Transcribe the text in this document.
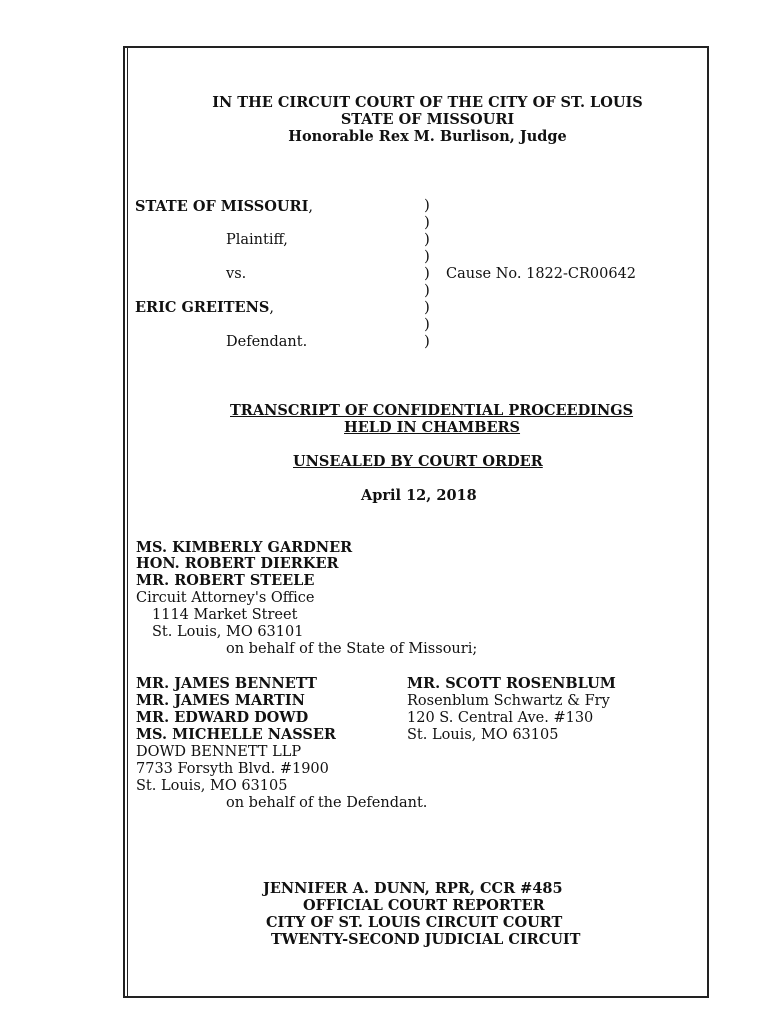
IN THE CIRCUIT COURT OF THE CITY OF ST. LOUIS
STATE OF MISSOURI
Honorable Rex M. Burlison, Judge
STATE OF MISSOURI,
Plaintiff,
vs.	Cause No. 1822-CR00642
ERIC GREITENS,
Defendant.
)
)
)
)
)
)
)
)
)
TRANSCRIPT OF CONFIDENTIAL PROCEEDINGS
HELD IN CHAMBERS
UNSEALED BY COURT ORDER
April 12, 2018
MS. KIMBERLY GARDNER
HON. ROBERT DIERKER
MR. ROBERT STEELE
Circuit Attorney's Office
1114 Market Street
St. Louis, MO 63101
on behalf of the State of Missouri;
MR. JAMES BENNETT
MR. JAMES MARTIN
MR. EDWARD DOWD
MS. MICHELLE NASSER
DOWD BENNETT LLP
7733 Forsyth Blvd. #1900
St. Louis, MO 63105
on behalf of the Defendant.
MR. SCOTT ROSENBLUM
Rosenblum Schwartz & Fry
120 S. Central Ave. #130
St. Louis, MO 63105
JENNIFER A. DUNN, RPR, CCR #485
OFFICIAL COURT REPORTER
CITY OF ST. LOUIS CIRCUIT COURT
TWENTY-SECOND JUDICIAL CIRCUIT
